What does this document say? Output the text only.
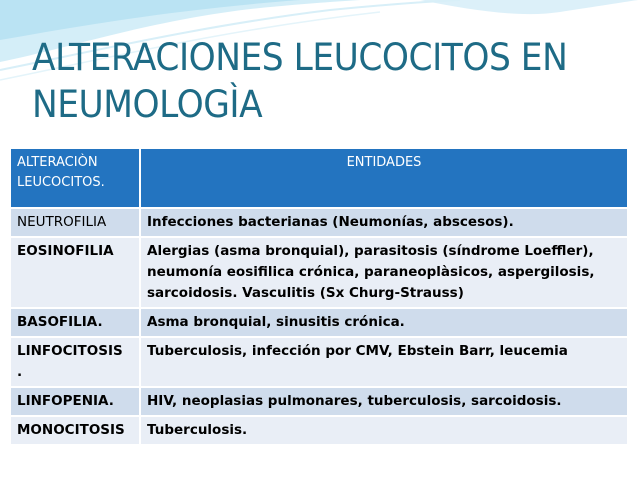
ALTERACIONES LEUCOCITOS EN
NEUMOLOGÌA
ALTERACIÒN
LEUCOCITOS.	ENTIDADES
NEUTROFILIA	Infecciones bacterianas (Neumonías, abscesos).
EOSINOFILIA	Alergias (asma bronquial), parasitosis (síndrome Loeffler), neumonía eosifilica crónica, paraneoplàsicos, aspergilosis, sarcoidosis. Vasculitis (Sx Churg-Strauss)
BASOFILIA.	Asma bronquial, sinusitis crónica.
LINFOCITOSIS
.	Tuberculosis, infección por CMV, Ebstein Barr, leucemia
LINFOPENIA.	HIV, neoplasias pulmonares, tuberculosis, sarcoidosis.
MONOCITOSIS	Tuberculosis.
